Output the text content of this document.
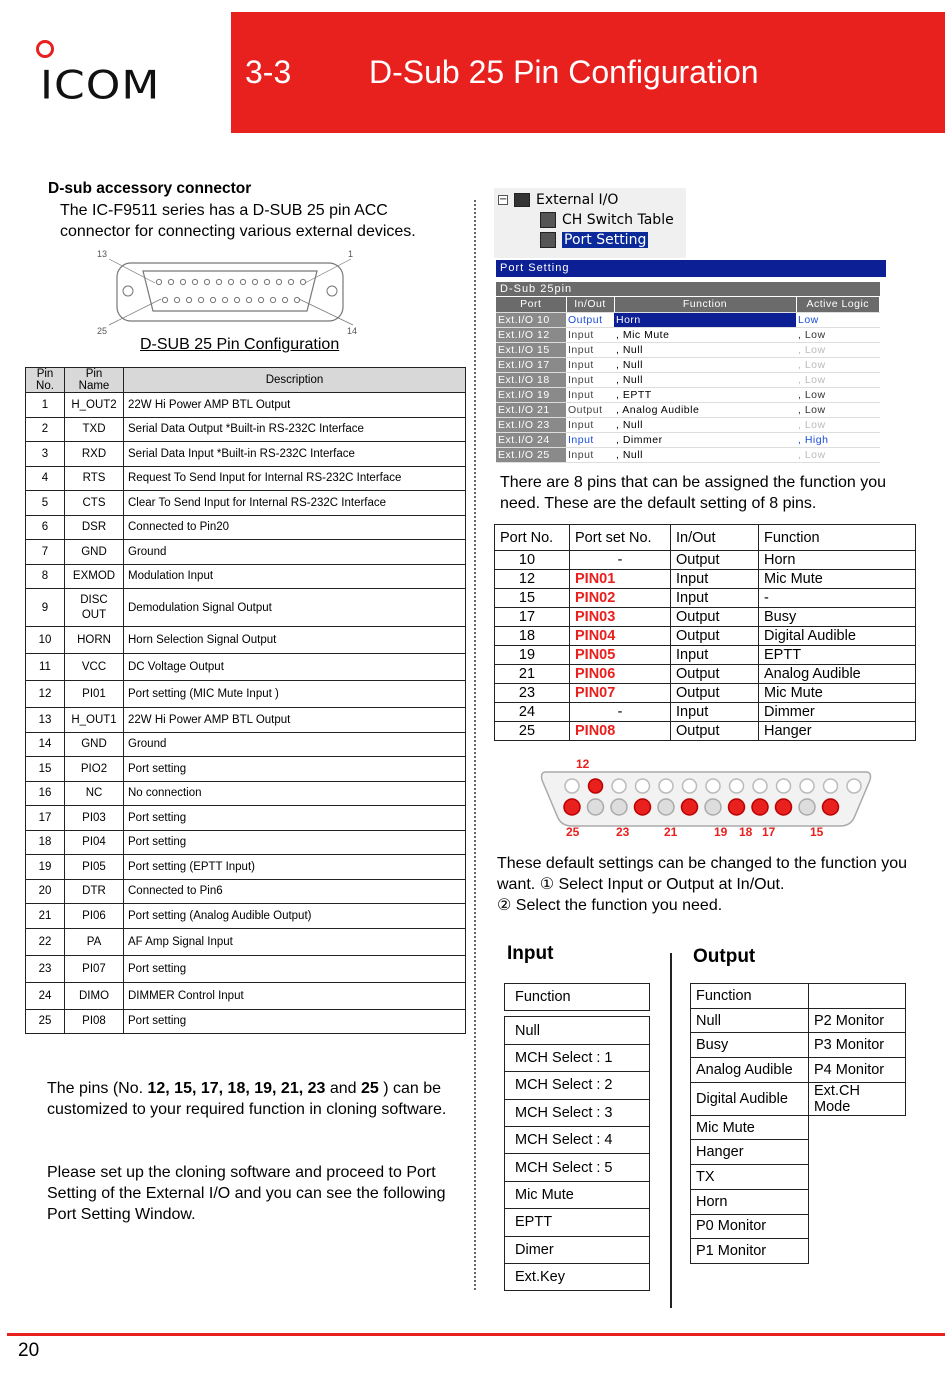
ICOM	3-3 D-Sub 25 Pin Configuration
D-sub accessory connector
The IC-F9511 series has a D-SUB 25 pin ACC connector for connecting various external devices.
13	1
25	14
D-SUB 25 Pin Configuration
Pin No.	Pin Name	Description
1	H_OUT2	22W Hi Power AMP BTL Output
2	TXD	Serial Data Output *Built-in RS-232C Interface
3	RXD	Serial Data Input *Built-in RS-232C Interface
4	RTS	Request To Send Input for Internal RS-232C Interface
5	CTS	Clear To Send Input for Internal RS-232C Interface
6	DSR	Connected to Pin20
7	GND	Ground
8	EXMOD	Modulation Input
9	DISC OUT	Demodulation Signal Output
10	HORN	Horn Selection Signal Output
11	VCC	DC Voltage Output
12	PI01	Port setting (MIC Mute Input )
13	H_OUT1	22W Hi Power AMP BTL Output
14	GND	Ground
15	PIO2	Port setting
16	NC	No connection
17	PI03	Port setting
18	PI04	Port setting
19	PI05	Port setting (EPTT Input)
20	DTR	Connected to Pin6
21	PI06	Port setting (Analog Audible Output)
22	PA	AF Amp Signal Input
23	PI07	Port setting
24	DIMO	DIMMER Control Input
25	PI08	Port setting
The pins (No. 12, 15, 17, 18, 19, 21, 23 and 25 ) can be customized to your required function in cloning software.
Please set up the cloning software and proceed to Port Setting of the External I/O and you can see the following Port Setting Window.
− External I/O
CH Switch Table
Port Setting
Port Setting
D-Sub 25pin
Port	In/Out	Function	Active Logic
Ext.I/O 10	Output	Horn	Low
Ext.I/O 12	Input	, Mic Mute	, Low
Ext.I/O 15	Input	, Null	, Low
Ext.I/O 17	Input	, Null	, Low
Ext.I/O 18	Input	, Null	, Low
Ext.I/O 19	Input	, EPTT	, Low
Ext.I/O 21	Output	, Analog Audible	, Low
Ext.I/O 23	Input	, Null	, Low
Ext.I/O 24	Input	, Dimmer	, High
Ext.I/O 25	Input	, Null	, Low
There are 8 pins that can be assigned the function you need. These are the default setting of 8 pins.
Port No.	Port set No.	In/Out	Function
10	-	Output	Horn
12	PIN01	Input	Mic Mute
15	PIN02	Input	-
17	PIN03	Output	Busy
18	PIN04	Output	Digital Audible
19	PIN05	Input	EPTT
21	PIN06	Output	Analog Audible
23	PIN07	Output	Mic Mute
24	-	Input	Dimmer
25	PIN08	Output	Hanger
12
25	23	21	19 18 17	15
These default settings can be changed to the function you want. ① Select Input or Output at In/Out.
② Select the function you need.
Input
Function

Null
MCH Select : 1
MCH Select : 2
MCH Select : 3
MCH Select : 4
MCH Select : 5
Mic Mute
EPTT
Dimer
Ext.Key
Output
Function	
Null	P2 Monitor
Busy	P3 Monitor
Analog Audible	P4 Monitor
Digital Audible	Ext.CH Mode
Mic Mute	
Hanger	
TX	
Horn	
P0 Monitor	
P1 Monitor	
20
